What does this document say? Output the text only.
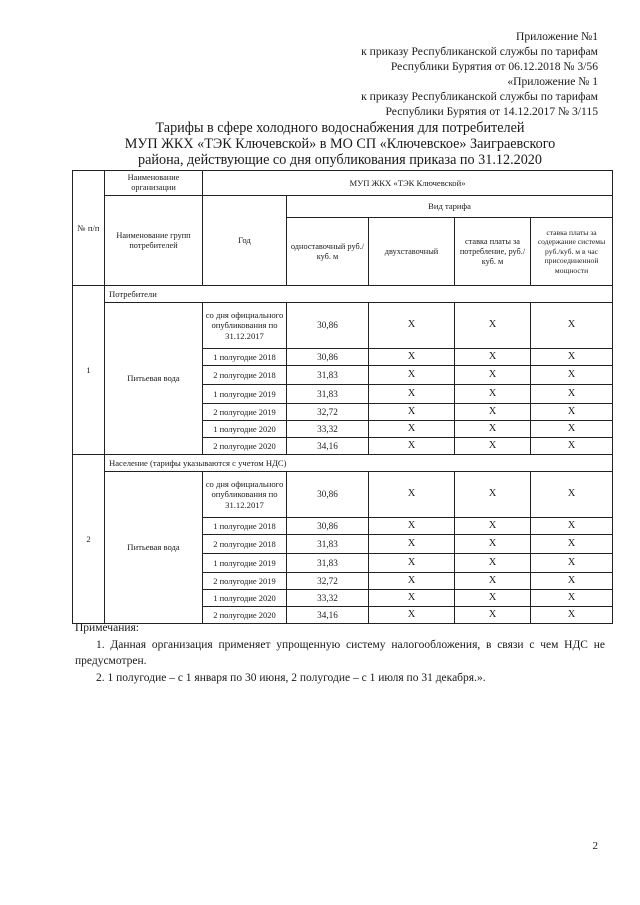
Приложение №1
к приказу Республиканской службы по тарифам
Республики Бурятия от 06.12.2018 № 3/56
«Приложение № 1
к приказу Республиканской службы по тарифам
Республики Бурятия от 14.12.2017 № 3/115
Тарифы в сфере холодного водоснабжения для потребителей
МУП ЖКХ «ТЭК Ключевской» в МО СП «Ключевское» Заиграевского
района, действующие со дня опубликования приказа по 31.12.2020
№ п/п	Наименование организации	МУП ЖКХ «ТЭК Ключевской»				
	Наименование групп потребителей	Год	Вид тарифа			
			одноставочный руб./ куб. м	двухставочный	ставка платы за потребление, руб./ куб. м	ставка платы за содержание системы руб./куб. м в час присоединенной мощности
1	Потребители					
	Питьевая вода	со дня официального опубликования по 31.12.2017	30,86	X	X	X
		1 полугодие 2018	30,86	X	X	X
		2 полугодие 2018	31,83	X	X	X
		1 полугодие 2019	31,83	X	X	X
		2 полугодие 2019	32,72	X	X	X
		1 полугодие 2020	33,32	X	X	X
		2 полугодие 2020	34,16	X	X	X
2	Население (тарифы указываются с учетом НДС)					
	Питьевая вода	со дня официального опубликования по 31.12.2017	30,86	X	X	X
		1 полугодие 2018	30,86	X	X	X
		2 полугодие 2018	31,83	X	X	X
		1 полугодие 2019	31,83	X	X	X
		2 полугодие 2019	32,72	X	X	X
		1 полугодие 2020	33,32	X	X	X
		2 полугодие 2020	34,16	X	X	X
Примечания:
1. Данная организация применяет упрощенную систему налогообложения, в связи с чем НДС не предусмотрен.
2. 1 полугодие – с 1 января по 30 июня, 2 полугодие – с 1 июля по 31 декабря.».
2
